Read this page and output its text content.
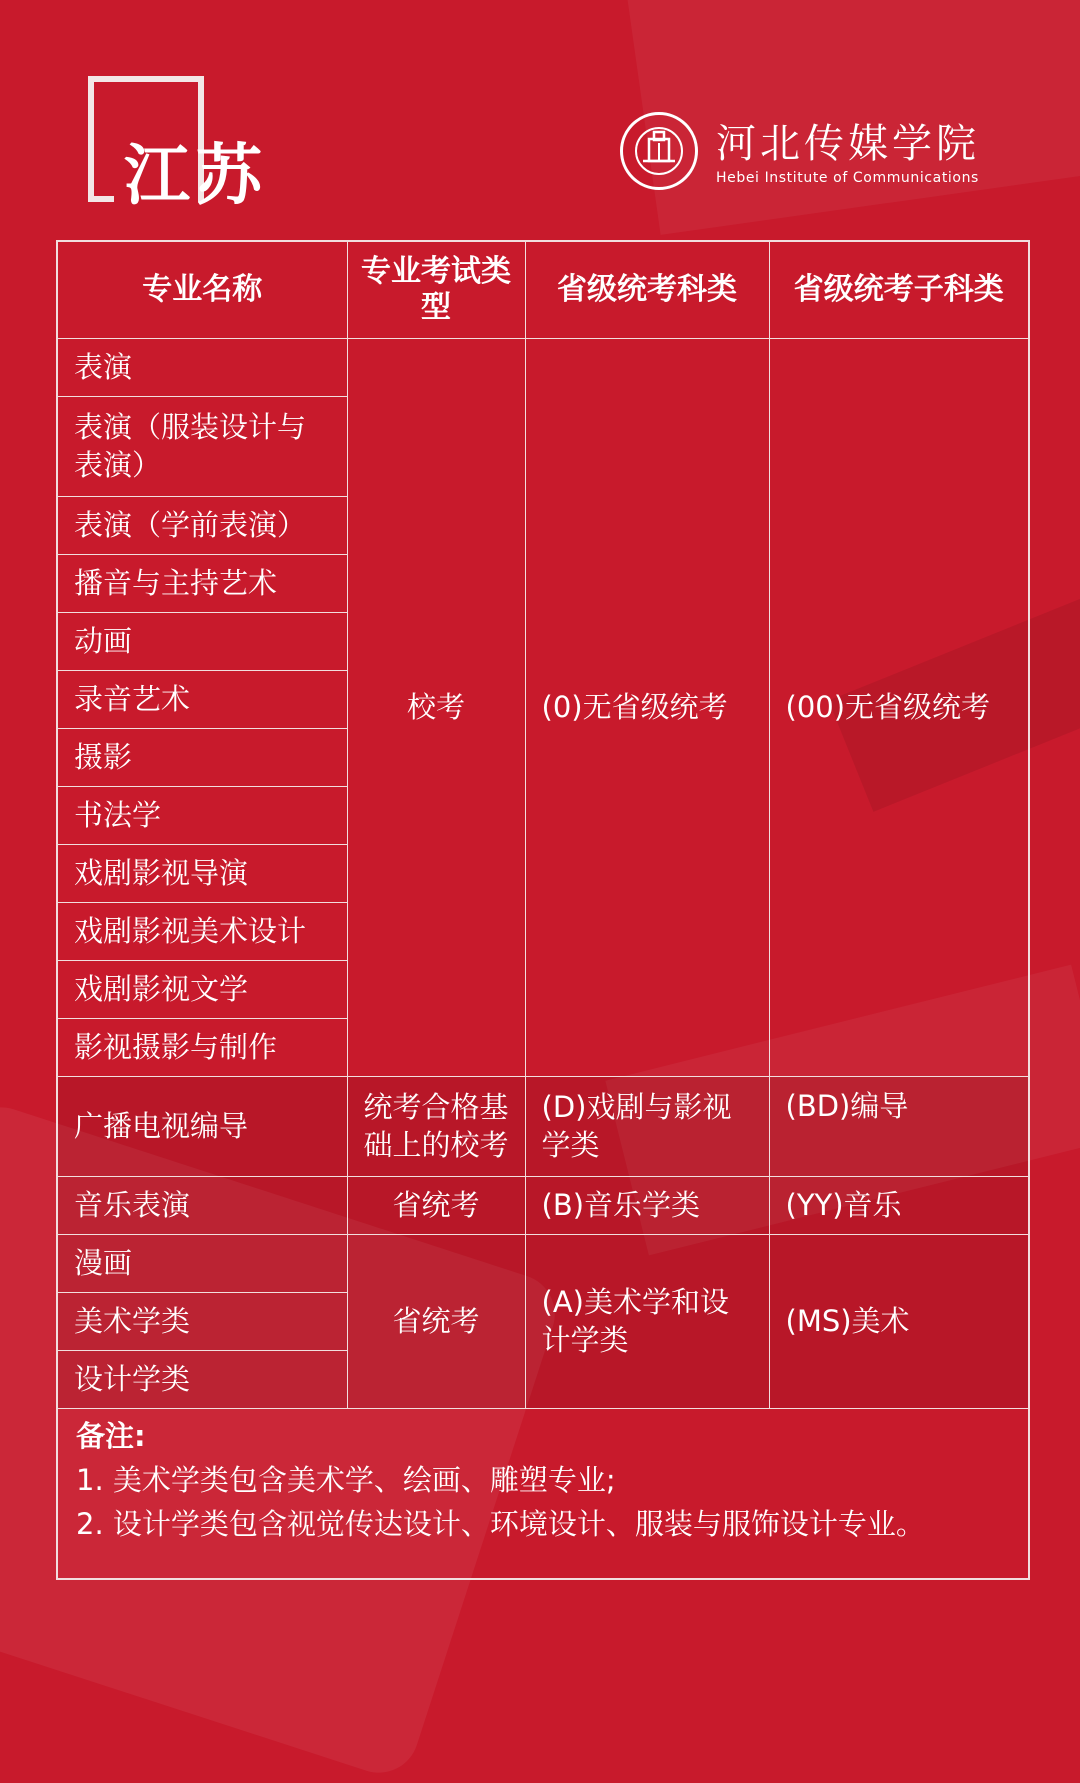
江苏	河北传媒学院
Hebei Institute of Communications
专业名称	专业考试类型	省级统考科类	省级统考子科类
表演	校考	(0)无省级统考	(00)无省级统考
表演（服装设计与表演）			
表演（学前表演）			
播音与主持艺术			
动画			
录音艺术			
摄影			
书法学			
戏剧影视导演			
戏剧影视美术设计			
戏剧影视文学			
影视摄影与制作			
广播电视编导	统考合格基础上的校考	(D)戏剧与影视学类	(BD)编导
音乐表演	省统考	(B)音乐学类	(YY)音乐
漫画	省统考	(A)美术学和设计学类	(MS)美术
美术学类			
设计学类			
备注:
1. 美术学类包含美术学、绘画、雕塑专业;
2. 设计学类包含视觉传达设计、环境设计、服装与服饰设计专业。
